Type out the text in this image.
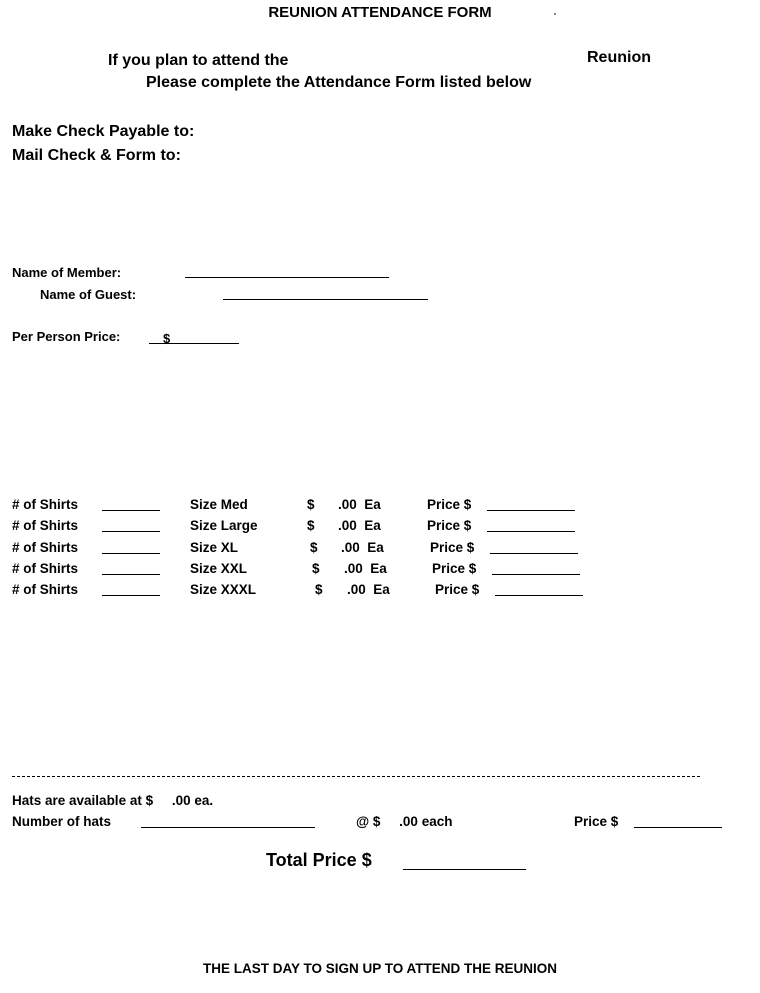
REUNION ATTENDANCE FORM
If you plan to attend the	Reunion
Please complete the Attendance Form listed below
Make Check Payable to:
Mail Check & Form to:
Name of Member:
Name of Guest:
Per Person Price:	$
# of Shirts	Size Med	$ .00  Ea	Price $
# of Shirts	Size Large	$ .00  Ea	Price $
# of Shirts	Size XL	$ .00  Ea	Price $
# of Shirts	Size XXL	$ .00  Ea	Price $
# of Shirts	Size XXXL	$ .00  Ea	Price $
Hats are available at $     .00 ea.
Number of hats	@ $     .00 each	Price $
Total Price $
THE LAST DAY TO SIGN UP TO ATTEND THE REUNION
